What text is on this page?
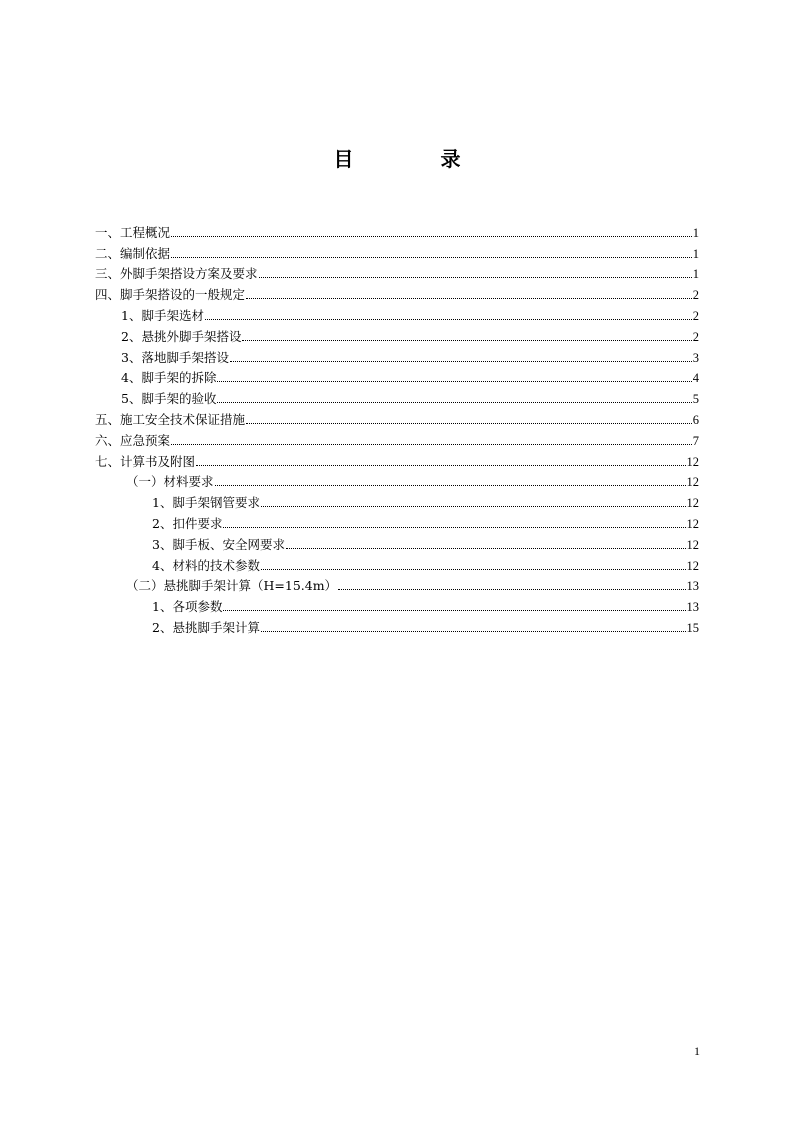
目 录
一、工程概况	1
二、编制依据	1
三、外脚手架搭设方案及要求	1
四、脚手架搭设的一般规定	2
1、脚手架选材	2
2、悬挑外脚手架搭设	2
3、落地脚手架搭设	3
4、脚手架的拆除	4
5、脚手架的验收	5
五、施工安全技术保证措施	6
六、应急预案	7
七、计算书及附图	12
（一）材料要求	12
1、脚手架钢管要求	12
2、扣件要求	12
3、脚手板、安全网要求	12
4、材料的技术参数	12
（二）悬挑脚手架计算（H=15.4m）	13
1、各项参数	13
2、悬挑脚手架计算	15
1
